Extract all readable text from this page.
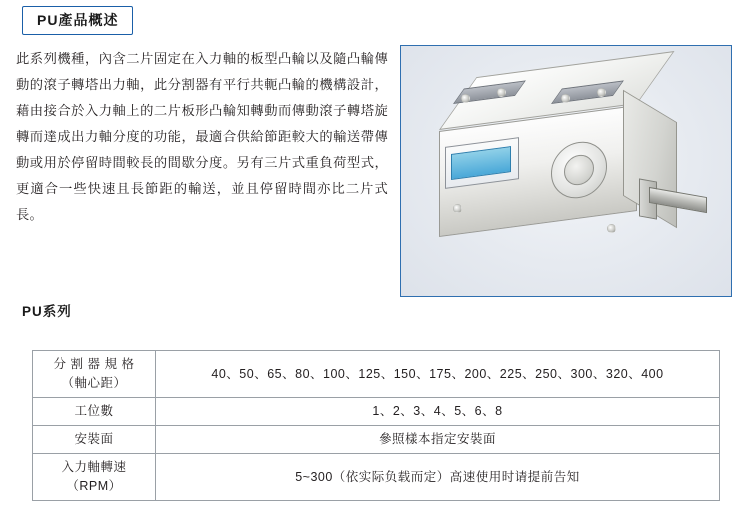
PU產品概述
此系列機種，內含二片固定在入力軸的板型凸輪以及隨凸輪傳動的滾子轉塔出力軸，此分割器有平行共軛凸輪的機構設計，藉由接合於入力軸上的二片板形凸輪知轉動而傳動滾子轉塔旋轉而達成出力軸分度的功能，最適合供給節距較大的輸送帶傳動或用於停留時間較長的間歇分度。另有三片式重負荷型式，更適合一些快速且長節距的輸送，並且停留時間亦比二片式長。
PU系列
分 割 器 規 格
（軸心距）	40、50、65、80、100、125、150、175、200、225、250、300、320、400
工位數	1、2、3、4、5、6、8
安裝面	參照樣本指定安裝面

入力軸轉速
（RPM）	5~300（依实际负载而定）高速使用时请提前告知
